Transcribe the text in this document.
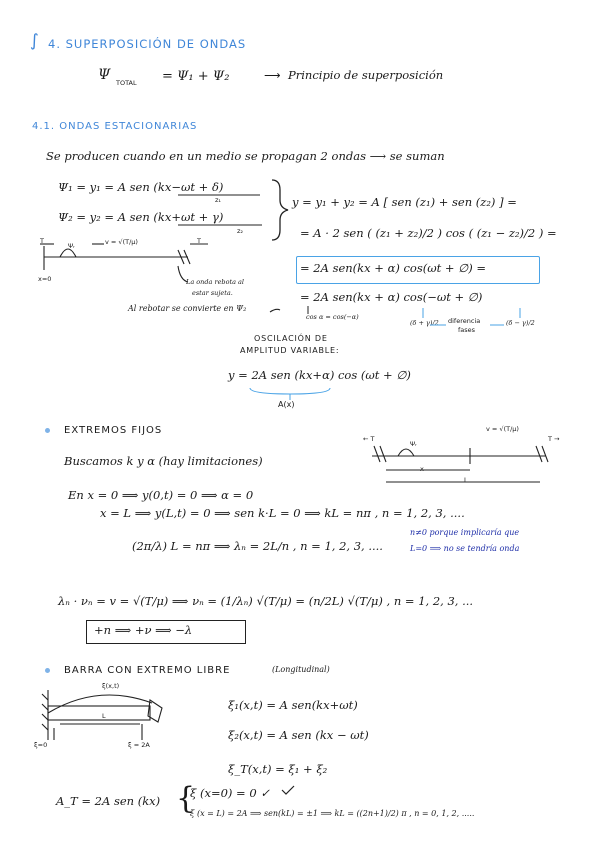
∫ 4. SUPERPOSICIÓN DE ONDAS
Ψ TOTAL = Ψ₁ + Ψ₂	⟶ Principio de superposición
4.1. ONDAS ESTACIONARIAS
Se producen cuando en un medio se propagan 2 ondas ⟶ se suman
Ψ₁ = y₁ = A sen (kx−ωt + δ)
z₁
Ψ₂ = y₂ = A sen (kx+ωt + γ)
z₂
y = y₁ + y₂ = A [ sen (z₁) + sen (z₂) ] =
= A · 2 sen ( (z₁ + z₂)/2 ) cos ( (z₁ − z₂)/2 ) =
= 2A sen(kx + α) cos(ωt + ∅) =
= 2A sen(kx + α) cos(−ωt + ∅)
T
Ψᵣ	v = √(T/μ)	T
x=0	La onda rebota al
estar sujeta.
Al rebotar se convierte en Ψ₂
cos α = cos(−α)
(δ + γ)/2 diferencia
fases
(δ − γ)/2
OSCILACIÓN DE
AMPLITUD VARIABLE:
y = 2A sen (kx+α) cos (ωt + ∅)
A(x)
EXTREMOS FIJOS
Buscamos k y α (hay limitaciones)
← T
v = √(T/μ)
Ψᵣ
T →
x
L
En x = 0 ⟹ y(0,t) = 0 ⟹ α = 0
x = L ⟹ y(L,t) = 0 ⟹ sen k·L = 0 ⟹ kL = nπ , n = 1, 2, 3, ....
(2π/λ) L = nπ ⟹ λₙ = 2L/n , n = 1, 2, 3, ....
n≠0 porque implicaría que
L=0 ⟹ no se tendría onda
λₙ · νₙ = v = √(T/μ) ⟹ νₙ = (1/λₙ) √(T/μ) = (n/2L) √(T/μ) , n = 1, 2, 3, ...
+n ⟹ +ν ⟹ −λ
BARRA CON EXTREMO LIBRE	(Longitudinal)
ξ(x,t)
L
ξ=0	ξ = 2A
ξ₁(x,t) = A sen(kx+ωt)
ξ₂(x,t) = A sen (kx − ωt)
ξ_T(x,t) = ξ₁ + ξ₂
A_T = 2A sen (kx) {
ξ (x=0) = 0 ✓
ξ (x = L) = 2A ⟹ sen(kL) = ±1 ⟹ kL = ((2n+1)/2) π , n = 0, 1, 2, .....
